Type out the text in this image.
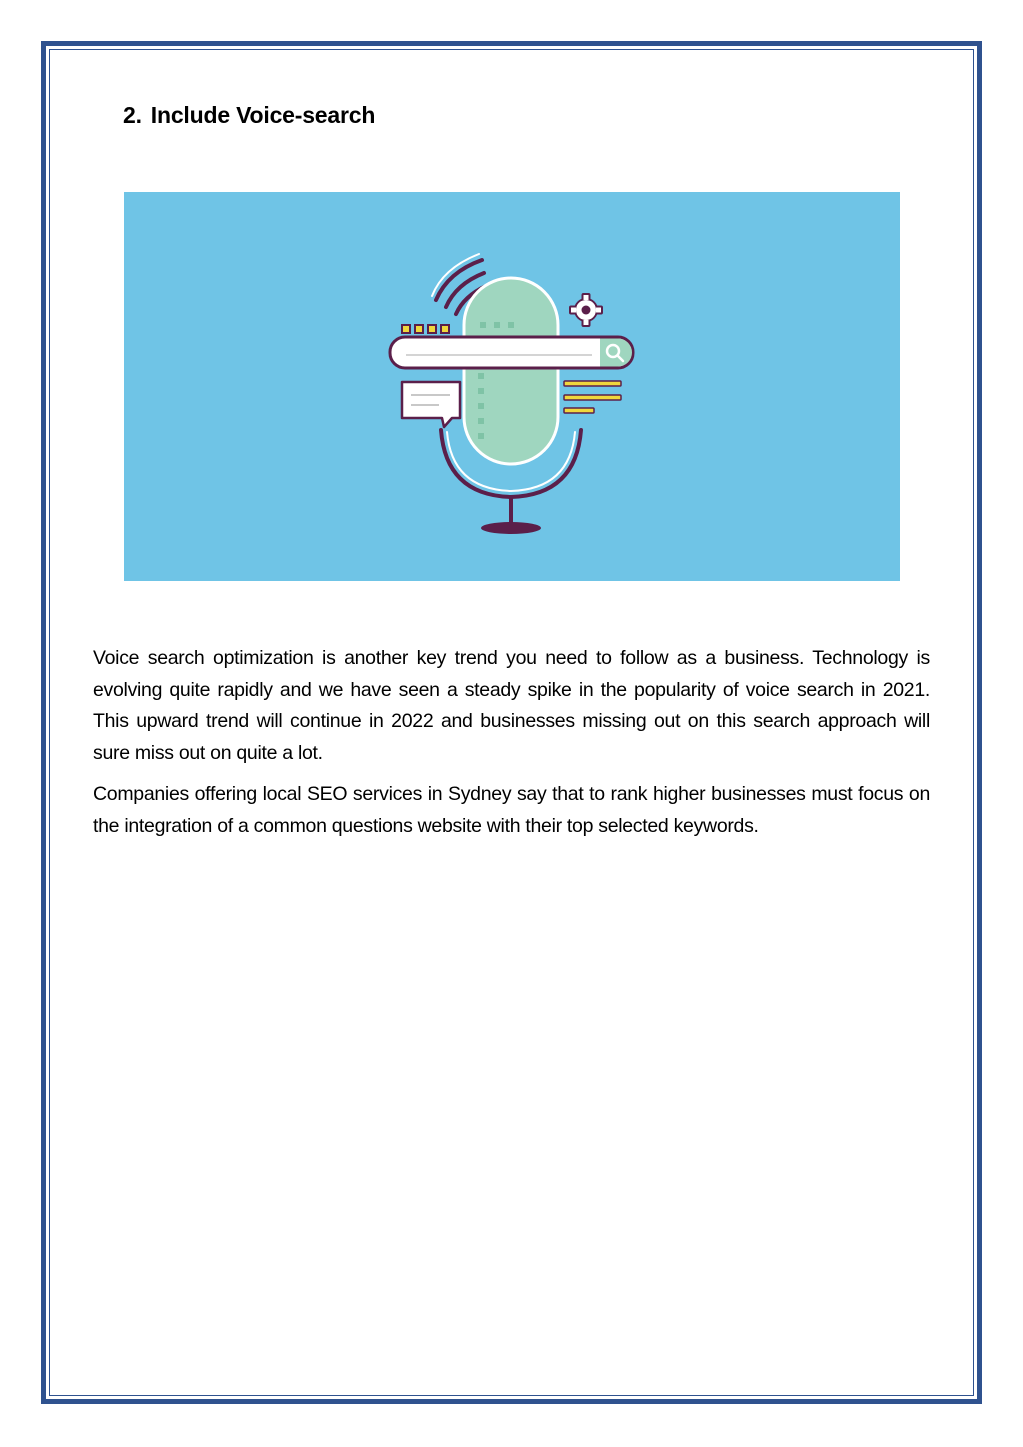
2. Include Voice-search

Voice search optimization is another key trend you need to follow as a business. Technology is evolving quite rapidly and we have seen a steady spike in the popularity of voice search in 2021. This upward trend will continue in 2022 and businesses missing out on this search approach will sure miss out on quite a lot.

Companies offering local SEO services in Sydney say that to rank higher businesses must focus on the integration of a common questions website with their top selected keywords.
